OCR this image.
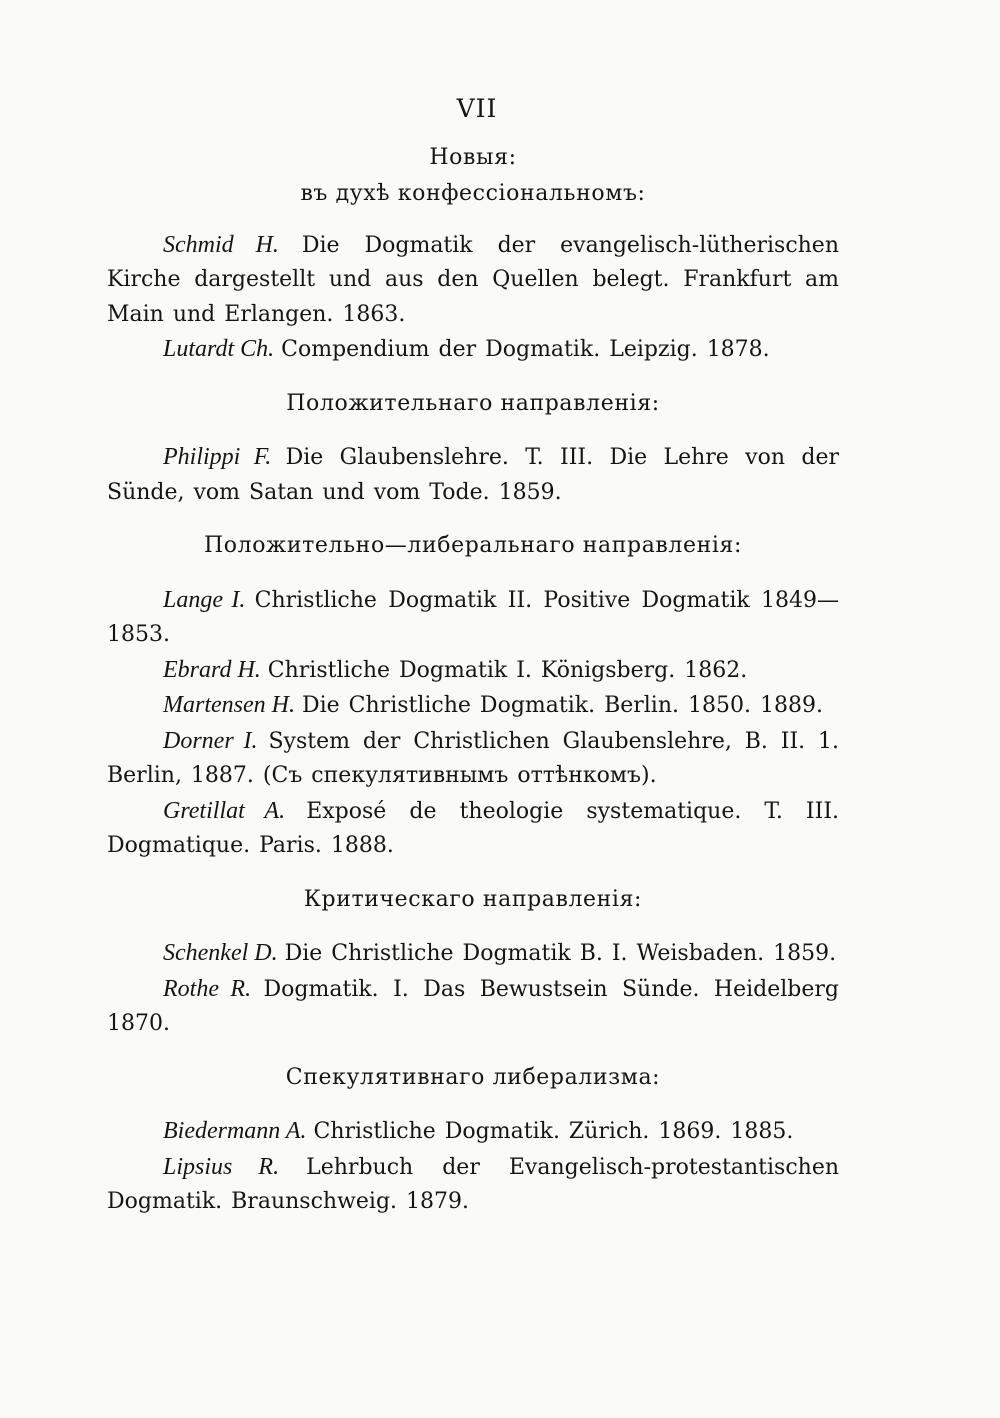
VII
Новыя:
въ духѣ конфессіональномъ:

Schmid H. Die Dogmatik der evangelisch-lütherischen Kirche dargestellt und aus den Quellen belegt. Frankfurt am Main und Erlangen. 1863.

Lutardt Ch. Compendium der Dogmatik. Leipzig. 1878.

Положительнаго направленія:

Philippi F. Die Glaubenslehre. T. III. Die Lehre von der Sünde, vom Satan und vom Tode. 1859.

Положительно—либеральнаго направленія:

Lange I. Christliche Dogmatik II. Positive Dogmatik 1849—1853.

Ebrard H. Christliche Dogmatik I. Königsberg. 1862.

Martensen H. Die Christliche Dogmatik. Berlin. 1850. 1889.

Dorner I. System der Christlichen Glaubenslehre, B. II. 1. Berlin, 1887. (Съ спекулятивнымъ оттѣнкомъ).

Gretillat A. Exposé de theologie systematique. T. III. Dogmatique. Paris. 1888.

Критическаго направленія:

Schenkel D. Die Christliche Dogmatik B. I. Weisbaden. 1859.

Rothe R. Dogmatik. I. Das Bewustsein Sünde. Heidelberg 1870.

Спекулятивнаго либерализма:

Biedermann A. Christliche Dogmatik. Zürich. 1869. 1885.

Lipsius R. Lehrbuch der Evangelisch-protestantischen Dogmatik. Braunschweig. 1879.
